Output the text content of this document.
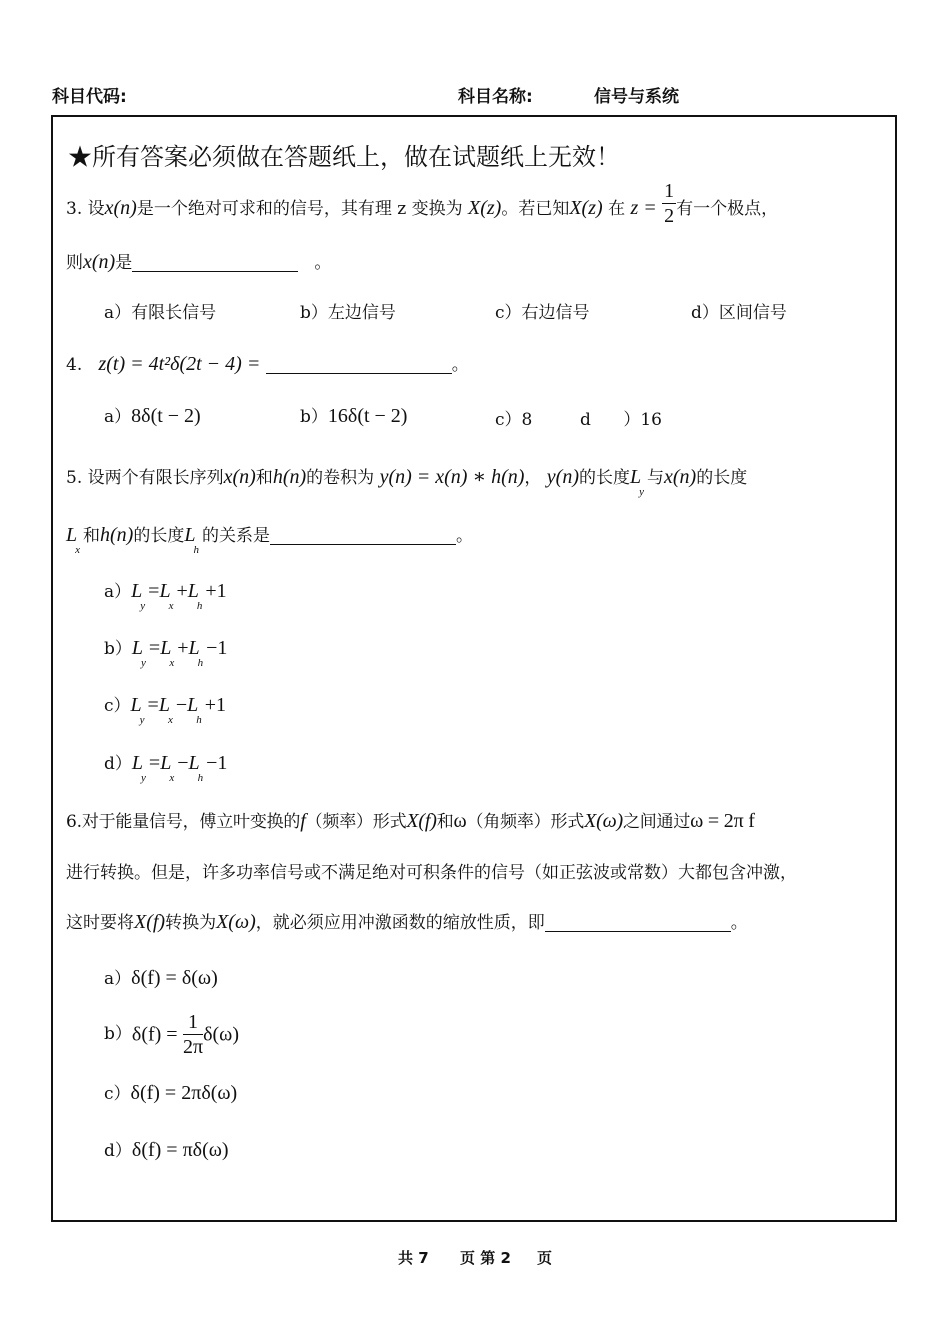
科目代码:	科目名称:	信号与系统
★所有答案必须做在答题纸上，做在试题纸上无效！
3. 设x(n)是一个绝对可求和的信号，其有理 z 变换为 X(z)。若已知X(z) 在 $z = \frac{1}{2}$ 有一个极点，
则x(n)是	。
a）有限长信号	b）左边信号	c）右边信号	d）区间信号
4. z(t) = 4t²δ(2t − 4) =	。
a）8δ(t − 2)	b）16δ(t − 2)	c）8	d ）16
5. 设两个有限长序列x(n)和h(n)的卷积为 y(n) = x(n) ∗ h(n)， y(n)的长度$L_y$与x(n)的长度
$L_x$和h(n)的长度$L_h$的关系是	。
$a)L_y=L_x+L_h+1$
$b)L_y=L_x+L_h-1$
$c)L_y=L_x-L_h+1$
$d)L_y=L_x-L_h-1$
6.对于能量信号，傅立叶变换的f（频率）形式X(f)和ω（角频率）形式X(ω)之间通过ω = 2π f
进行转换。但是，许多功率信号或不满足绝对可积条件的信号（如正弦波或常数）大都包含冲激，
这时要将X(f)转换为X(ω)，就必须应用冲激函数的缩放性质，即	。
a）δ(f) = δ(ω)
$b)\delta(f) = \frac{1}{2\pi} \delta(\omega)$
c）δ(f) = 2πδ(ω)
d）δ(f) = πδ(ω)
共 7 页 第 2 页
